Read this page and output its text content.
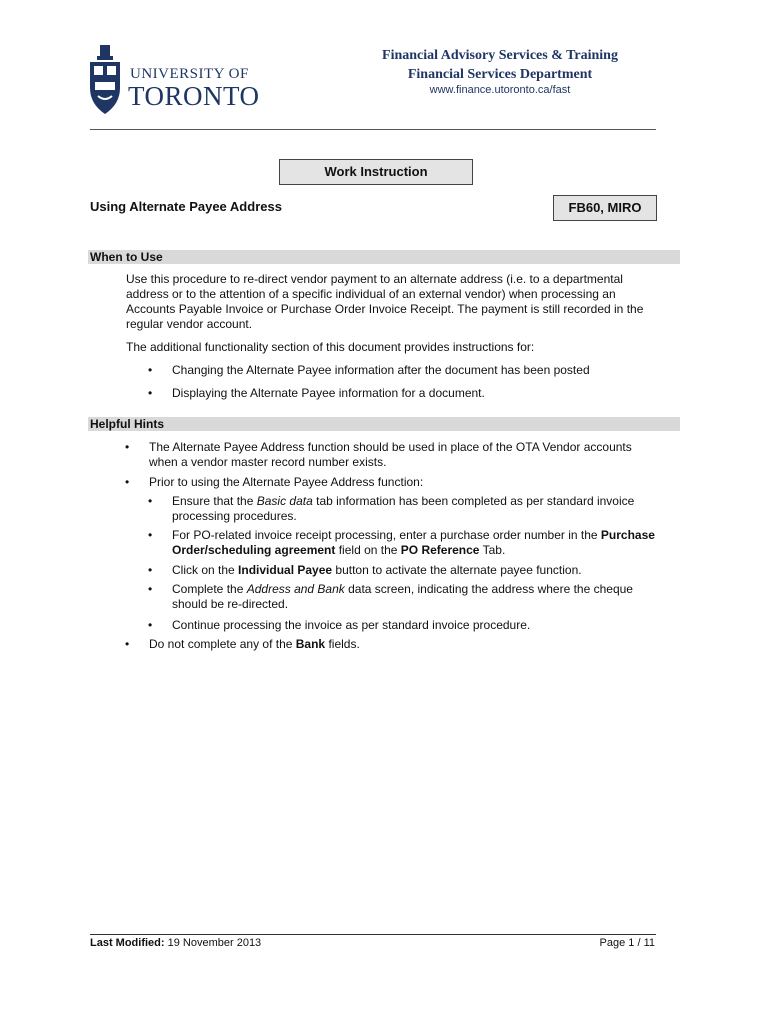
UNIVERSITY OF
TORONTO
Financial Advisory Services & Training
Financial Services Department
www.finance.utoronto.ca/fast
Work Instruction
Using Alternate Payee Address	FB60, MIRO
When to Use
Use this procedure to re-direct vendor payment to an alternate address (i.e. to a departmental
address or to the attention of a specific individual of an external vendor) when processing an
Accounts Payable Invoice or Purchase Order Invoice Receipt. The payment is still recorded in the
regular vendor account.
The additional functionality section of this document provides instructions for:
• Changing the Alternate Payee information after the document has been posted
• Displaying the Alternate Payee information for a document.
Helpful Hints
• The Alternate Payee Address function should be used in place of the OTA Vendor accounts
when a vendor master record number exists.
• Prior to using the Alternate Payee Address function:
• Ensure that the Basic data tab information has been completed as per standard invoice
processing procedures.
• For PO-related invoice receipt processing, enter a purchase order number in the Purchase
Order/scheduling agreement field on the PO Reference Tab.
• Click on the Individual Payee button to activate the alternate payee function.
• Complete the Address and Bank data screen, indicating the address where the cheque
should be re-directed.
• Continue processing the invoice as per standard invoice procedure.
• Do not complete any of the Bank fields.
Last Modified: 19 November 2013	Page 1 / 11
